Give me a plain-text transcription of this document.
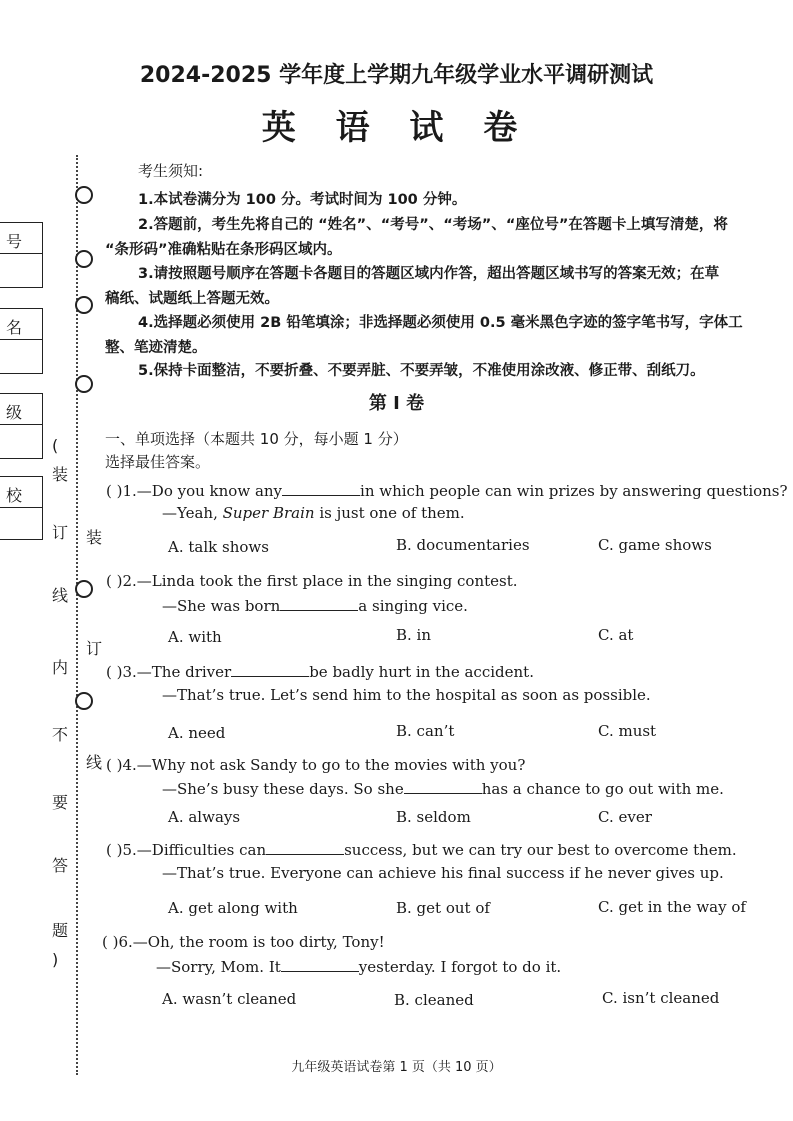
号
名
级
校
(
装
订
线
内
不
要
答
题
)
装
订
线
2024-2025 学年度上学期九年级学业水平调研测试
英 语 试 卷
考生须知:
1.本试卷满分为 100 分。考试时间为 100 分钟。
2.答题前，考生先将自己的 “姓名”、“考号”、“考场”、“座位号”在答题卡上填写清楚，将
“条形码”准确粘贴在条形码区域内。
3.请按照题号顺序在答题卡各题目的答题区域内作答，超出答题区域书写的答案无效；在草
稿纸、试题纸上答题无效。
4.选择题必须使用 2B 铅笔填涂；非选择题必须使用 0.5 毫米黑色字迹的签字笔书写，字体工
整、笔迹清楚。
5.保持卡面整洁，不要折叠、不要弄脏、不要弄皱，不准使用涂改液、修正带、刮纸刀。
第 I 卷
一、单项选择（本题共 10 分，每小题 1 分）
选择最佳答案。
( )1.—Do you know any	in which people can win prizes by answering questions?
—Yeah, Super Brain is just one of them.
A. talk shows	B. documentaries	C. game shows
( )2.—Linda took the first place in the singing contest.
—She was born	a singing vice.
A. with	B. in	C. at
( )3.—The driver	be badly hurt in the accident.
—That’s true. Let’s send him to the hospital as soon as possible.
A. need	B. can’t	C. must
( )4.—Why not ask Sandy to go to the movies with you?
—She’s busy these days. So she	has a chance to go out with me.
A. always	B. seldom	C. ever
( )5.—Difficulties can	success, but we can try our best to overcome them.
—That’s true. Everyone can achieve his final success if he never gives up.
A. get along with	B. get out of	C. get in the way of
( )6.—Oh, the room is too dirty, Tony!
—Sorry, Mom. It	yesterday. I forgot to do it.
A. wasn’t cleaned	B. cleaned	C. isn’t cleaned
九年级英语试卷第 1 页（共 10 页）
